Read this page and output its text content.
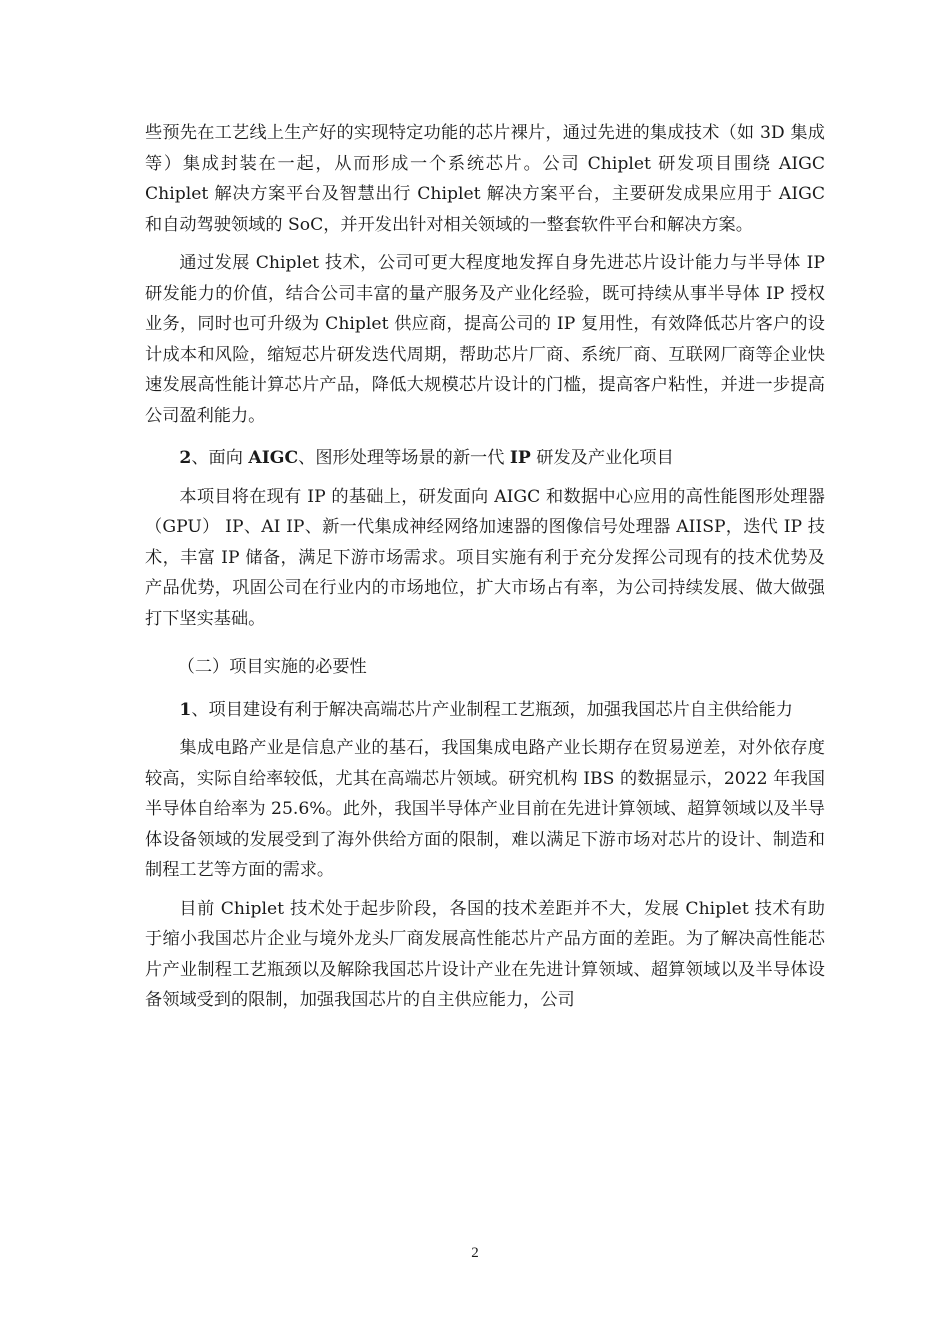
些预先在工艺线上生产好的实现特定功能的芯片裸片，通过先进的集成技术（如 3D 集成等）集成封装在一起，从而形成一个系统芯片。公司 Chiplet 研发项目围绕 AIGC Chiplet 解决方案平台及智慧出行 Chiplet 解决方案平台，主要研发成果应用于 AIGC 和自动驾驶领域的 SoC，并开发出针对相关领域的一整套软件平台和解决方案。

通过发展 Chiplet 技术，公司可更大程度地发挥自身先进芯片设计能力与半导体 IP 研发能力的价值，结合公司丰富的量产服务及产业化经验，既可持续从事半导体 IP 授权业务，同时也可升级为 Chiplet 供应商，提高公司的 IP 复用性，有效降低芯片客户的设计成本和风险，缩短芯片研发迭代周期，帮助芯片厂商、系统厂商、互联网厂商等企业快速发展高性能计算芯片产品，降低大规模芯片设计的门槛，提高客户粘性，并进一步提高公司盈利能力。

2、面向 AIGC、图形处理等场景的新一代 IP 研发及产业化项目

本项目将在现有 IP 的基础上，研发面向 AIGC 和数据中心应用的高性能图形处理器（GPU） IP、AI IP、新一代集成神经网络加速器的图像信号处理器 AIISP，迭代 IP 技术，丰富 IP 储备，满足下游市场需求。项目实施有利于充分发挥公司现有的技术优势及产品优势，巩固公司在行业内的市场地位，扩大市场占有率，为公司持续发展、做大做强打下坚实基础。

（二）项目实施的必要性

1、项目建设有利于解决高端芯片产业制程工艺瓶颈，加强我国芯片自主供给能力

集成电路产业是信息产业的基石，我国集成电路产业长期存在贸易逆差，对外依存度较高，实际自给率较低，尤其在高端芯片领域。研究机构 IBS 的数据显示，2022 年我国半导体自给率为 25.6%。此外，我国半导体产业目前在先进计算领域、超算领域以及半导体设备领域的发展受到了海外供给方面的限制，难以满足下游市场对芯片的设计、制造和制程工艺等方面的需求。

目前 Chiplet 技术处于起步阶段，各国的技术差距并不大，发展 Chiplet 技术有助于缩小我国芯片企业与境外龙头厂商发展高性能芯片产品方面的差距。为了解决高性能芯片产业制程工艺瓶颈以及解除我国芯片设计产业在先进计算领域、超算领域以及半导体设备领域受到的限制，加强我国芯片的自主供应能力，公司

2
